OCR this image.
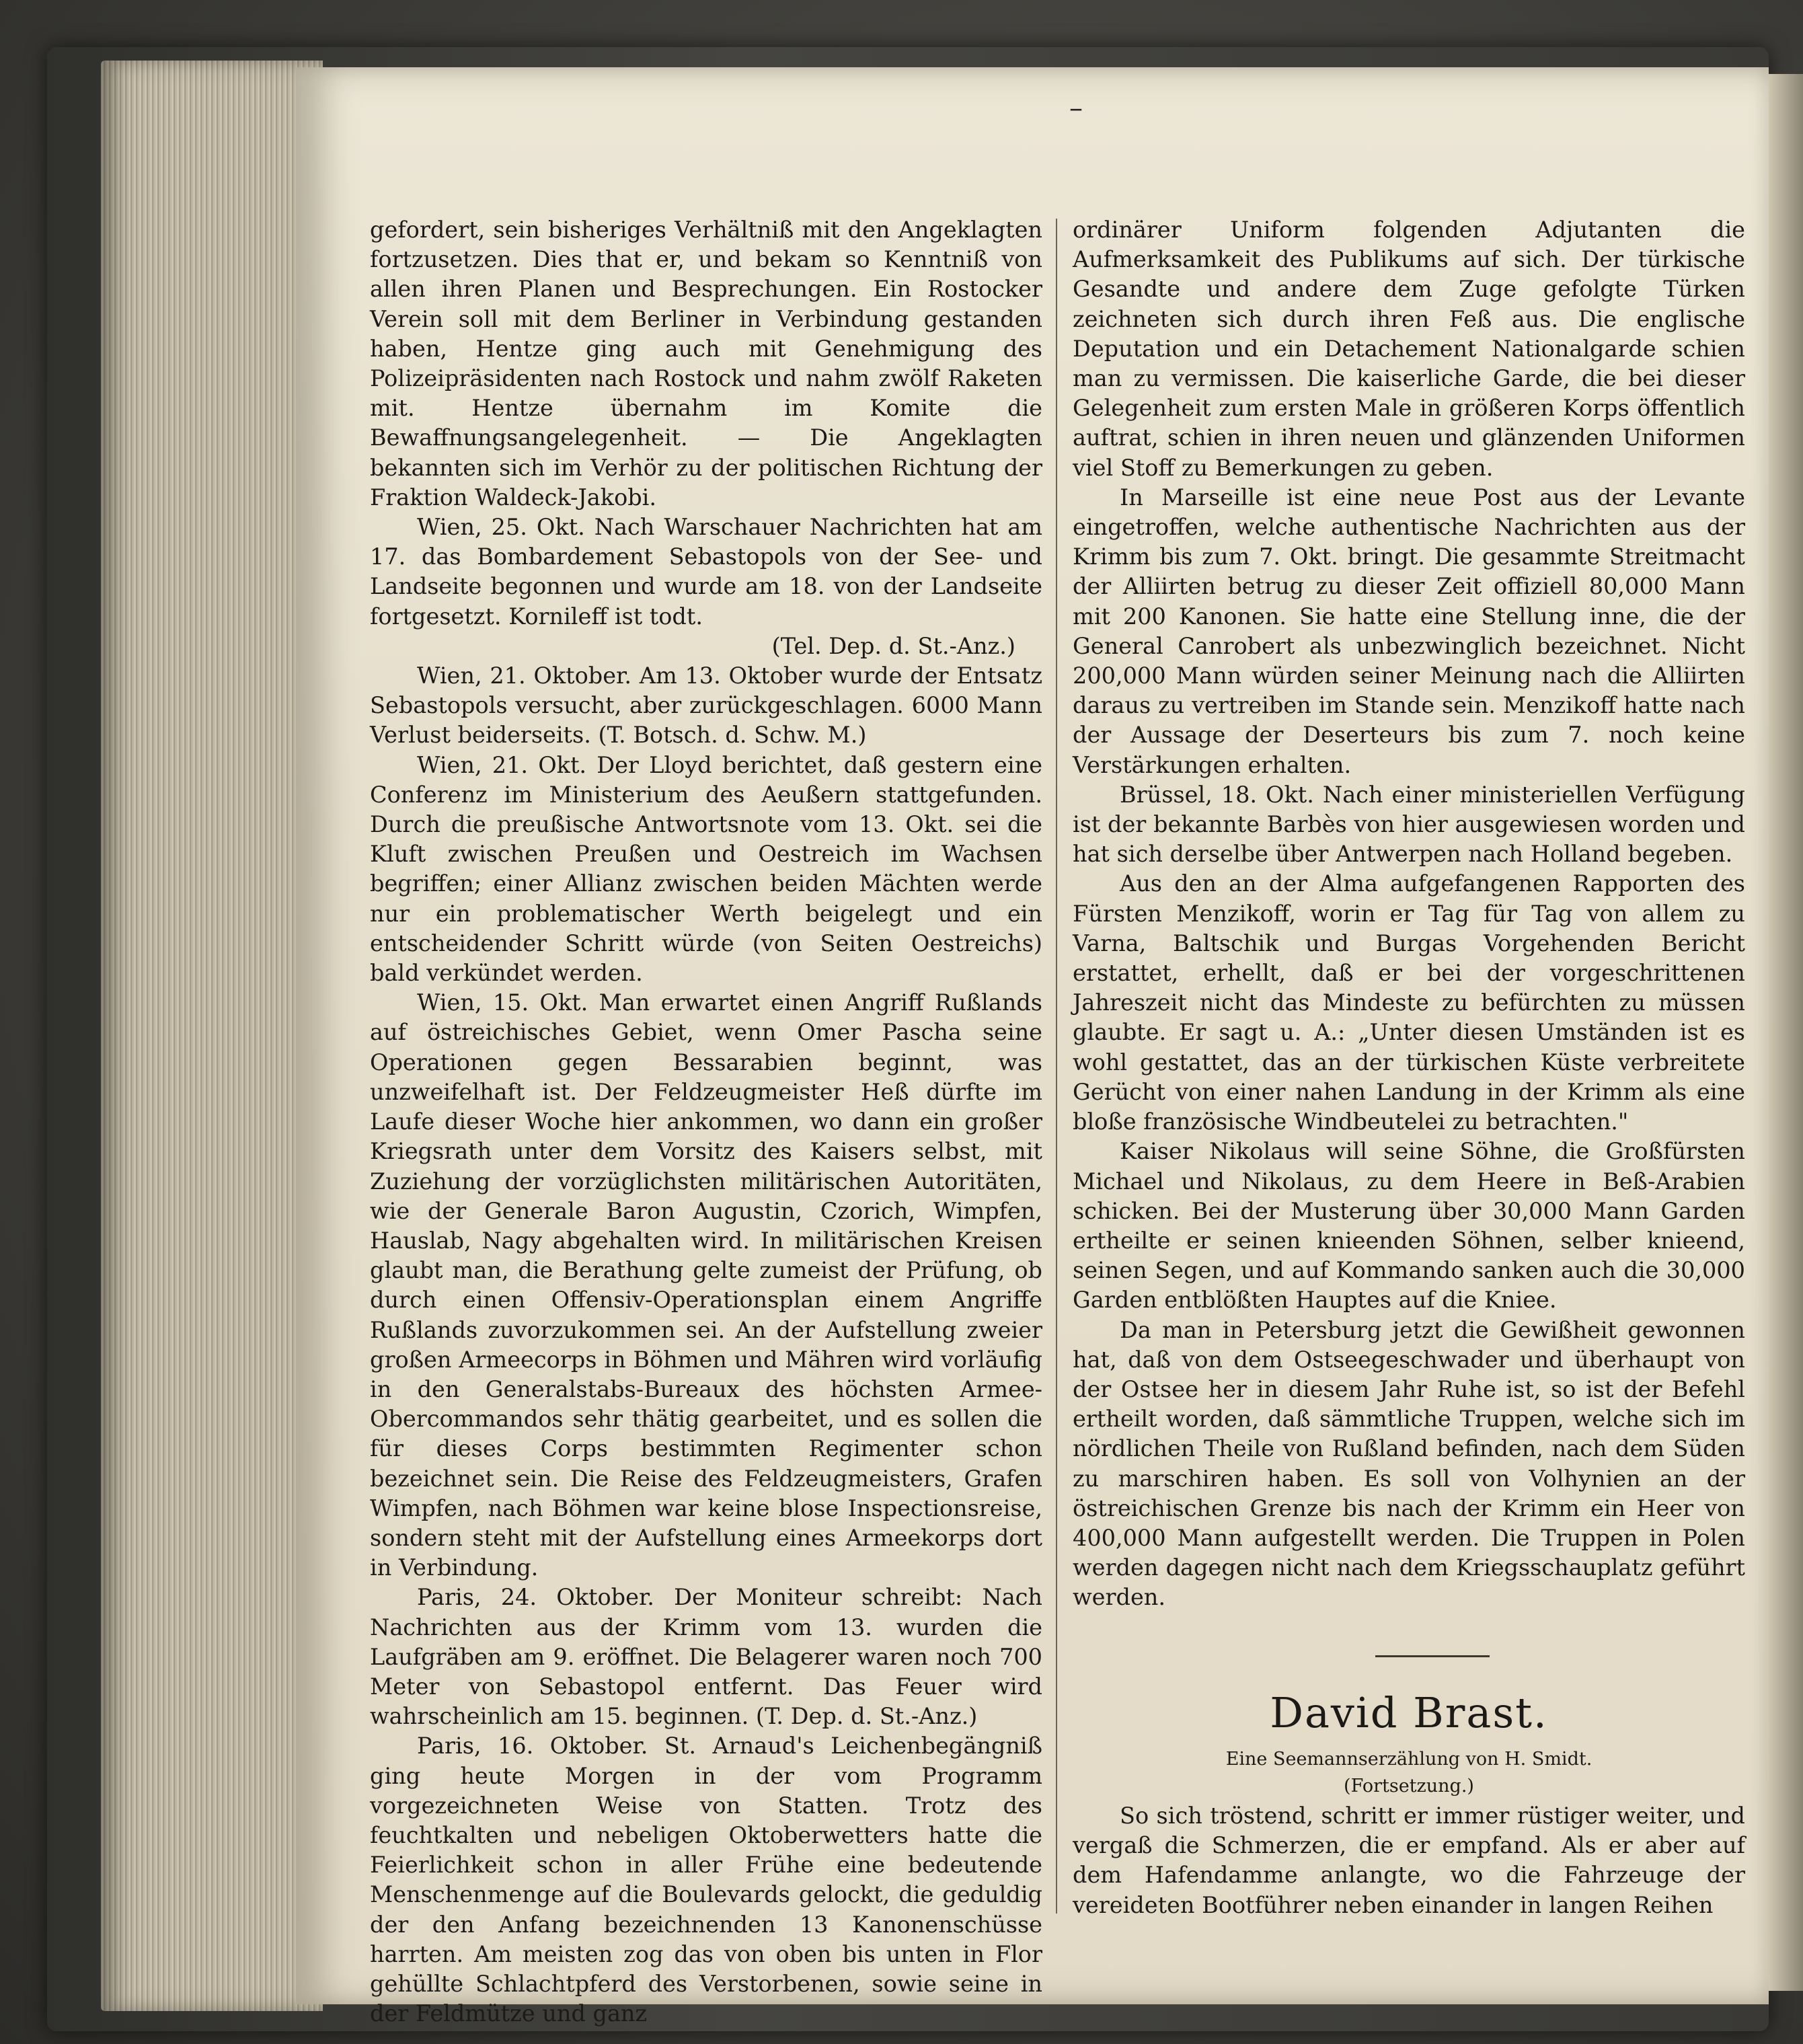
–

gefordert, sein bisheriges Verhältniß mit den Angeklagten fortzusetzen. Dies that er, und bekam so Kenntniß von allen ihren Planen und Besprechungen. Ein Rostocker Verein soll mit dem Berliner in Verbindung gestanden haben, Hentze ging auch mit Genehmigung des Polizeipräsidenten nach Rostock und nahm zwölf Raketen mit. Hentze übernahm im Komite die Bewaffnungsangelegenheit. — Die Angeklagten bekannten sich im Verhör zu der politischen Richtung der Fraktion Waldeck-Jakobi.

Wien, 25. Okt. Nach Warschauer Nachrichten hat am 17. das Bombardement Sebastopols von der See- und Landseite begonnen und wurde am 18. von der Landseite fortgesetzt. Kornileff ist todt.

(Tel. Dep. d. St.-Anz.)

Wien, 21. Oktober. Am 13. Oktober wurde der Entsatz Sebastopols versucht, aber zurückgeschlagen. 6000 Mann Verlust beiderseits. (T. Botsch. d. Schw. M.)

Wien, 21. Okt. Der Lloyd berichtet, daß gestern eine Conferenz im Ministerium des Aeußern stattgefunden. Durch die preußische Antwortsnote vom 13. Okt. sei die Kluft zwischen Preußen und Oestreich im Wachsen begriffen; einer Allianz zwischen beiden Mächten werde nur ein problematischer Werth beigelegt und ein entscheidender Schritt würde (von Seiten Oestreichs) bald verkündet werden.

Wien, 15. Okt. Man erwartet einen Angriff Rußlands auf östreichisches Gebiet, wenn Omer Pascha seine Operationen gegen Bessarabien beginnt, was unzweifelhaft ist. Der Feldzeugmeister Heß dürfte im Laufe dieser Woche hier ankommen, wo dann ein großer Kriegsrath unter dem Vorsitz des Kaisers selbst, mit Zuziehung der vorzüglichsten militärischen Autoritäten, wie der Generale Baron Augustin, Czorich, Wimpfen, Hauslab, Nagy abgehalten wird. In militärischen Kreisen glaubt man, die Berathung gelte zumeist der Prüfung, ob durch einen Offensiv-Operationsplan einem Angriffe Rußlands zuvorzukommen sei. An der Aufstellung zweier großen Armeecorps in Böhmen und Mähren wird vorläufig in den Generalstabs-Bureaux des höchsten Armee-Obercommandos sehr thätig gearbeitet, und es sollen die für dieses Corps bestimmten Regimenter schon bezeichnet sein. Die Reise des Feldzeugmeisters, Grafen Wimpfen, nach Böhmen war keine blose Inspectionsreise, sondern steht mit der Aufstellung eines Armeekorps dort in Verbindung.

Paris, 24. Oktober. Der Moniteur schreibt: Nach Nachrichten aus der Krimm vom 13. wurden die Laufgräben am 9. eröffnet. Die Belagerer waren noch 700 Meter von Sebastopol entfernt. Das Feuer wird wahrscheinlich am 15. beginnen. (T. Dep. d. St.-Anz.)

Paris, 16. Oktober. St. Arnaud's Leichenbegängniß ging heute Morgen in der vom Programm vorgezeichneten Weise von Statten. Trotz des feuchtkalten und nebeligen Oktoberwetters hatte die Feierlichkeit schon in aller Frühe eine bedeutende Menschenmenge auf die Boulevards gelockt, die geduldig der den Anfang bezeichnenden 13 Kanonenschüsse harrten. Am meisten zog das von oben bis unten in Flor gehüllte Schlachtpferd des Verstorbenen, sowie seine in der Feldmütze und ganz

ordinärer Uniform folgenden Adjutanten die Aufmerksamkeit des Publikums auf sich. Der türkische Gesandte und andere dem Zuge gefolgte Türken zeichneten sich durch ihren Feß aus. Die englische Deputation und ein Detachement Nationalgarde schien man zu vermissen. Die kaiserliche Garde, die bei dieser Gelegenheit zum ersten Male in größeren Korps öffentlich auftrat, schien in ihren neuen und glänzenden Uniformen viel Stoff zu Bemerkungen zu geben.

In Marseille ist eine neue Post aus der Levante eingetroffen, welche authentische Nachrichten aus der Krimm bis zum 7. Okt. bringt. Die gesammte Streitmacht der Alliirten betrug zu dieser Zeit offiziell 80,000 Mann mit 200 Kanonen. Sie hatte eine Stellung inne, die der General Canrobert als unbezwinglich bezeichnet. Nicht 200,000 Mann würden seiner Meinung nach die Alliirten daraus zu vertreiben im Stande sein. Menzikoff hatte nach der Aussage der Deserteurs bis zum 7. noch keine Verstärkungen erhalten.

Brüssel, 18. Okt. Nach einer ministeriellen Verfügung ist der bekannte Barbès von hier ausgewiesen worden und hat sich derselbe über Antwerpen nach Holland begeben.

Aus den an der Alma aufgefangenen Rapporten des Fürsten Menzikoff, worin er Tag für Tag von allem zu Varna, Baltschik und Burgas Vorgehenden Bericht erstattet, erhellt, daß er bei der vorgeschrittenen Jahreszeit nicht das Mindeste zu befürchten zu müssen glaubte. Er sagt u. A.: „Unter diesen Umständen ist es wohl gestattet, das an der türkischen Küste verbreitete Gerücht von einer nahen Landung in der Krimm als eine bloße französische Windbeutelei zu betrachten."

Kaiser Nikolaus will seine Söhne, die Großfürsten Michael und Nikolaus, zu dem Heere in Beß-Arabien schicken. Bei der Musterung über 30,000 Mann Garden ertheilte er seinen knieenden Söhnen, selber knieend, seinen Segen, und auf Kommando sanken auch die 30,000 Garden entblößten Hauptes auf die Kniee.

Da man in Petersburg jetzt die Gewißheit gewonnen hat, daß von dem Ostseegeschwader und überhaupt von der Ostsee her in diesem Jahr Ruhe ist, so ist der Befehl ertheilt worden, daß sämmtliche Truppen, welche sich im nördlichen Theile von Rußland befinden, nach dem Süden zu marschiren haben. Es soll von Volhynien an der östreichischen Grenze bis nach der Krimm ein Heer von 400,000 Mann aufgestellt werden. Die Truppen in Polen werden dagegen nicht nach dem Kriegsschauplatz geführt werden.

David Brast.
Eine Seemannserzählung von H. Smidt.
(Fortsetzung.)

So sich tröstend, schritt er immer rüstiger weiter, und vergaß die Schmerzen, die er empfand. Als er aber auf dem Hafendamme anlangte, wo die Fahrzeuge der vereideten Bootführer neben einander in langen Reihen
